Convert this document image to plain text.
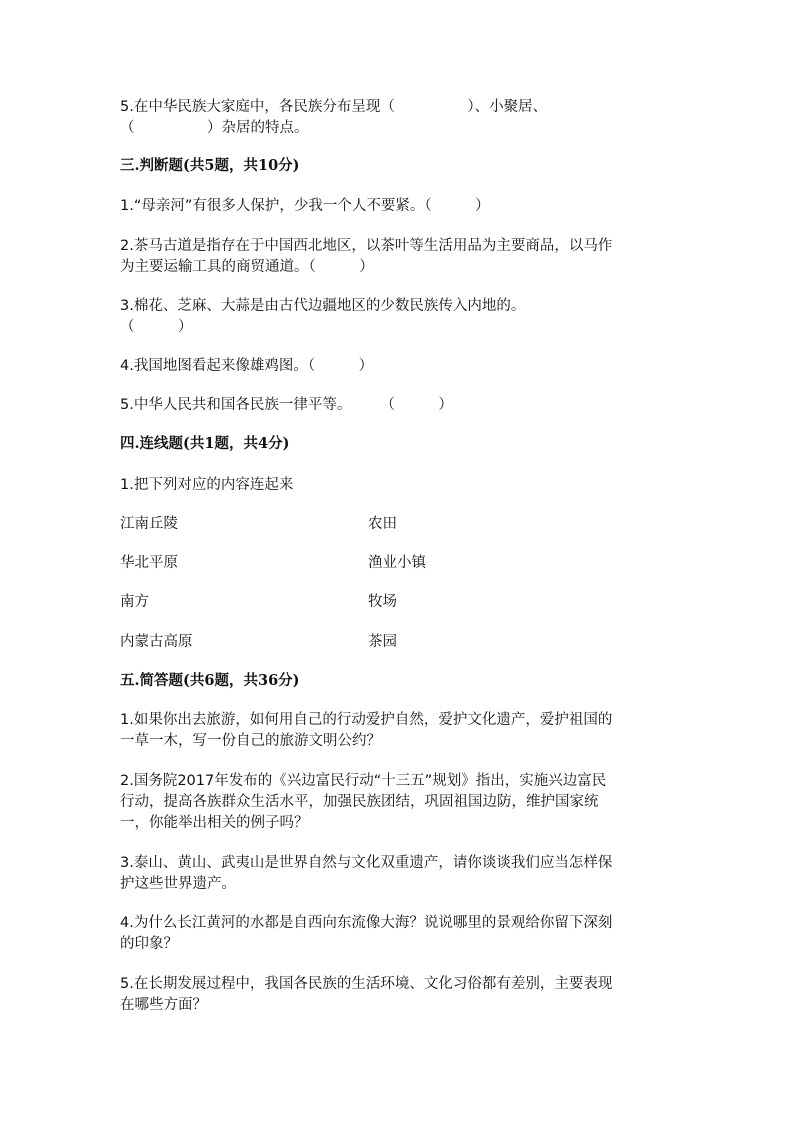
5.在中华民族大家庭中，各民族分布呈现（　　　　　）、小聚居、
（　　　　　）杂居的特点。
三.判断题(共5题，共10分)
1.“母亲河”有很多人保护，少我一个人不要紧。（　　　）
2.茶马古道是指存在于中国西北地区，以茶叶等生活用品为主要商品，以马作
为主要运输工具的商贸通道。（　　　）
3.棉花、芝麻、大蒜是由古代边疆地区的少数民族传入内地的。
（　　　）
4.我国地图看起来像雄鸡图。（　　　）
5.中华人民共和国各民族一律平等。　　　（　　　）
四.连线题(共1题，共4分)
1.把下列对应的内容连起来
江南丘陵	农田
华北平原	渔业小镇
南方	牧场
内蒙古高原	茶园
五.简答题(共6题，共36分)
1.如果你出去旅游，如何用自己的行动爱护自然，爱护文化遗产，爱护祖国的
一草一木，写一份自己的旅游文明公约？
2.国务院2017年发布的《兴边富民行动“十三五”规划》指出，实施兴边富民
行动，提高各族群众生活水平，加强民族团结，巩固祖国边防，维护国家统
一，你能举出相关的例子吗？
3.泰山、黄山、武夷山是世界自然与文化双重遗产，请你谈谈我们应当怎样保
护这些世界遗产。
4.为什么长江黄河的水都是自西向东流像大海？说说哪里的景观给你留下深刻
的印象？
5.在长期发展过程中，我国各民族的生活环境、文化习俗都有差别，主要表现
在哪些方面？
